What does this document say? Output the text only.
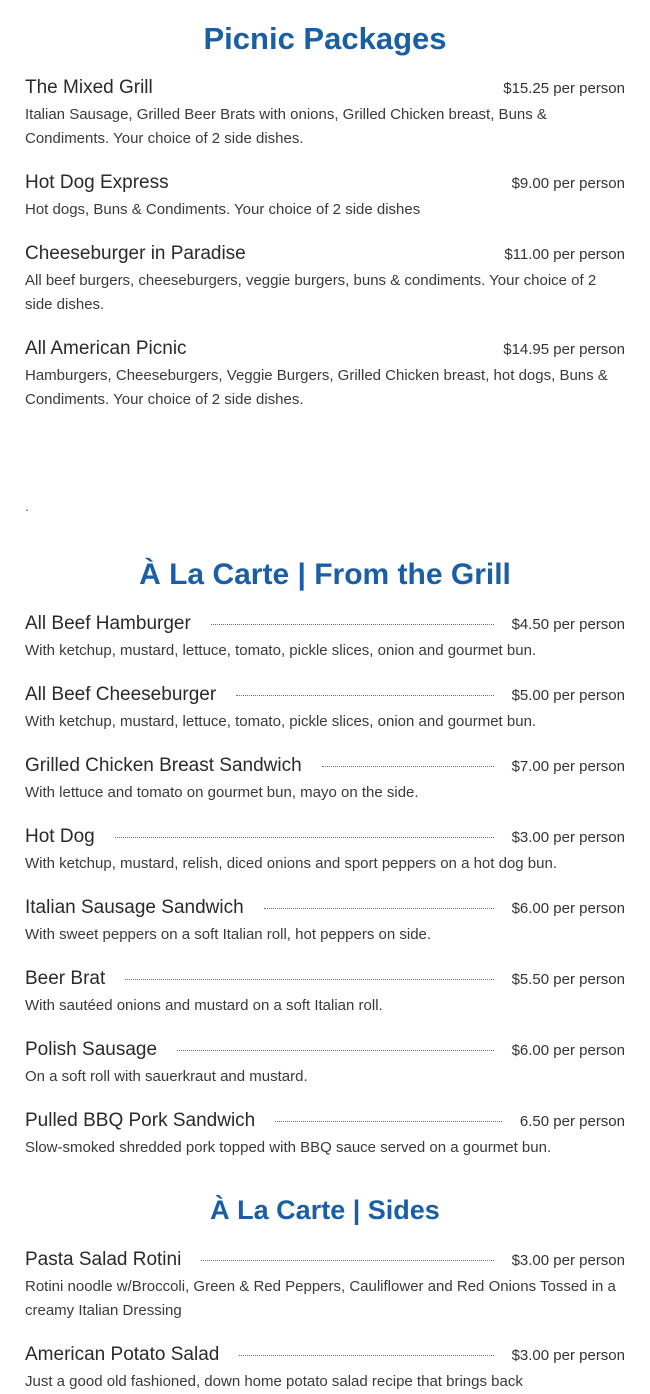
Picnic Packages
The Mixed Grill	$15.25 per person
Italian Sausage, Grilled Beer Brats with onions, Grilled Chicken breast, Buns & Condiments. Your choice of 2 side dishes.
Hot Dog Express	$9.00 per person
Hot dogs, Buns & Condiments. Your choice of 2 side dishes
Cheeseburger in Paradise	$11.00 per person
All beef burgers, cheeseburgers, veggie burgers, buns & condiments. Your choice of 2 side dishes.
All American Picnic	$14.95 per person
Hamburgers, Cheeseburgers, Veggie Burgers, Grilled Chicken breast, hot dogs, Buns & Condiments. Your choice of 2 side dishes.
.
À La Carte | From the Grill
All Beef Hamburger	$4.50 per person
With ketchup, mustard, lettuce, tomato, pickle slices, onion and gourmet bun.
All Beef Cheeseburger	$5.00 per person
With ketchup, mustard, lettuce, tomato, pickle slices, onion and gourmet bun.
Grilled Chicken Breast Sandwich	$7.00 per person
With lettuce and tomato on gourmet bun, mayo on the side.
Hot Dog	$3.00 per person
With ketchup, mustard, relish, diced onions and sport peppers on a hot dog bun.
Italian Sausage Sandwich	$6.00 per person
With sweet peppers on a soft Italian roll, hot peppers on side.
Beer Brat	$5.50 per person
With sautéed onions and mustard on a soft Italian roll.
Polish Sausage	$6.00 per person
On a soft roll with sauerkraut and mustard.
Pulled BBQ Pork Sandwich	6.50 per person
Slow-smoked shredded pork topped with BBQ sauce served on a gourmet bun.
À La Carte | Sides
Pasta Salad Rotini	$3.00 per person
Rotini noodle w/Broccoli, Green & Red Peppers, Cauliflower and Red Onions Tossed in a creamy Italian Dressing
American Potato Salad	$3.00 per person
Just a good old fashioned, down home potato salad recipe that brings back
